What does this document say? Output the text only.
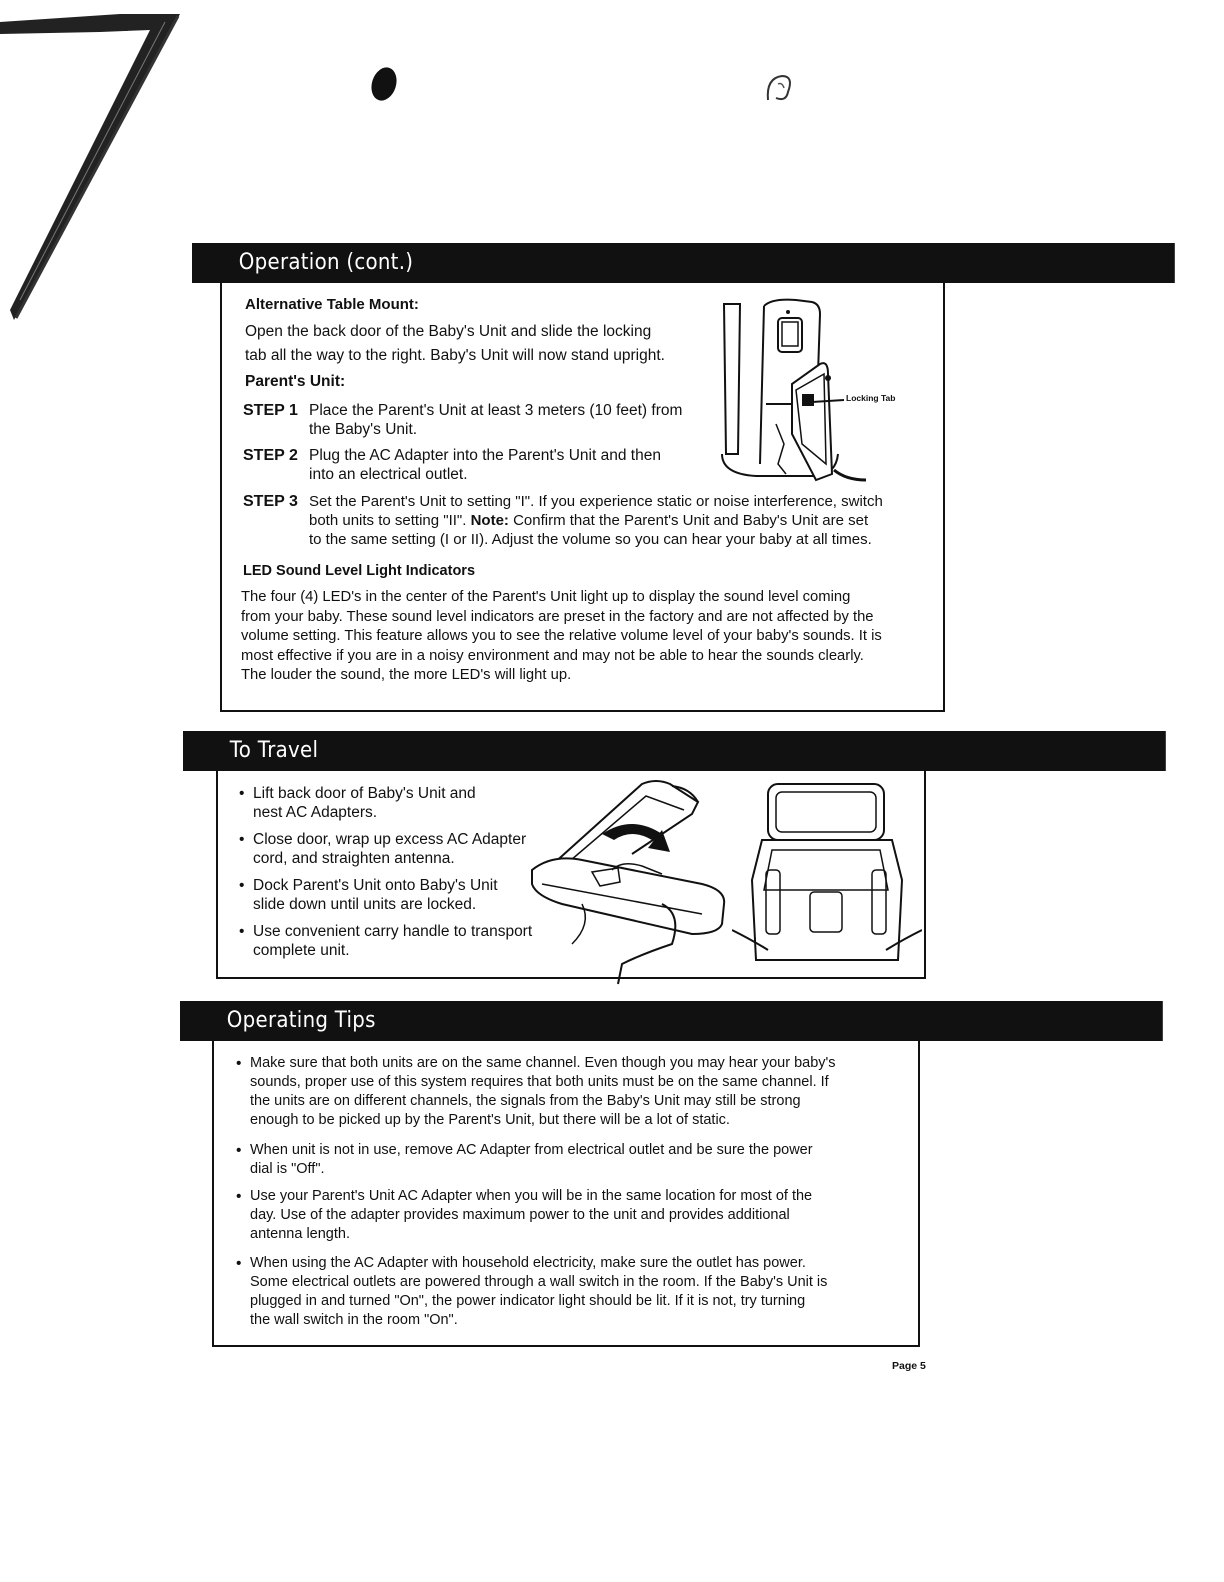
Operation (cont.)
Alternative Table Mount:
Open the back door of the Baby's Unit and slide the locking
tab all the way to the right. Baby's Unit will now stand upright.
Parent's Unit:
STEP 1 Place the Parent's Unit at least 3 meters (10 feet) from
the Baby's Unit.
STEP 2 Plug the AC Adapter into the Parent's Unit and then
into an electrical outlet.
STEP 3 Set the Parent's Unit to setting "I". If you experience static or noise interference, switch
both units to setting "II". Note: Confirm that the Parent's Unit and Baby's Unit are set
to the same setting (I or II). Adjust the volume so you can hear your baby at all times.
Locking Tab
LED Sound Level Light Indicators
The four (4) LED's in the center of the Parent's Unit light up to display the sound level coming
from your baby. These sound level indicators are preset in the factory and are not affected by the
volume setting. This feature allows you to see the relative volume level of your baby's sounds. It is
most effective if you are in a noisy environment and may not be able to hear the sounds clearly.
The louder the sound, the more LED's will light up.
To Travel
• Lift back door of Baby's Unit and
nest AC Adapters.
• Close door, wrap up excess AC Adapter
cord, and straighten antenna.
• Dock Parent's Unit onto Baby's Unit
slide down until units are locked.
• Use convenient carry handle to transport
complete unit.
Operating Tips
• Make sure that both units are on the same channel. Even though you may hear your baby's
sounds, proper use of this system requires that both units must be on the same channel. If
the units are on different channels, the signals from the Baby's Unit may still be strong
enough to be picked up by the Parent's Unit, but there will be a lot of static.
• When unit is not in use, remove AC Adapter from electrical outlet and be sure the power
dial is "Off".
• Use your Parent's Unit AC Adapter when you will be in the same location for most of the
day. Use of the adapter provides maximum power to the unit and provides additional
antenna length.
• When using the AC Adapter with household electricity, make sure the outlet has power.
Some electrical outlets are powered through a wall switch in the room. If the Baby's Unit is
plugged in and turned "On", the power indicator light should be lit. If it is not, try turning
the wall switch in the room "On".
Page 5
